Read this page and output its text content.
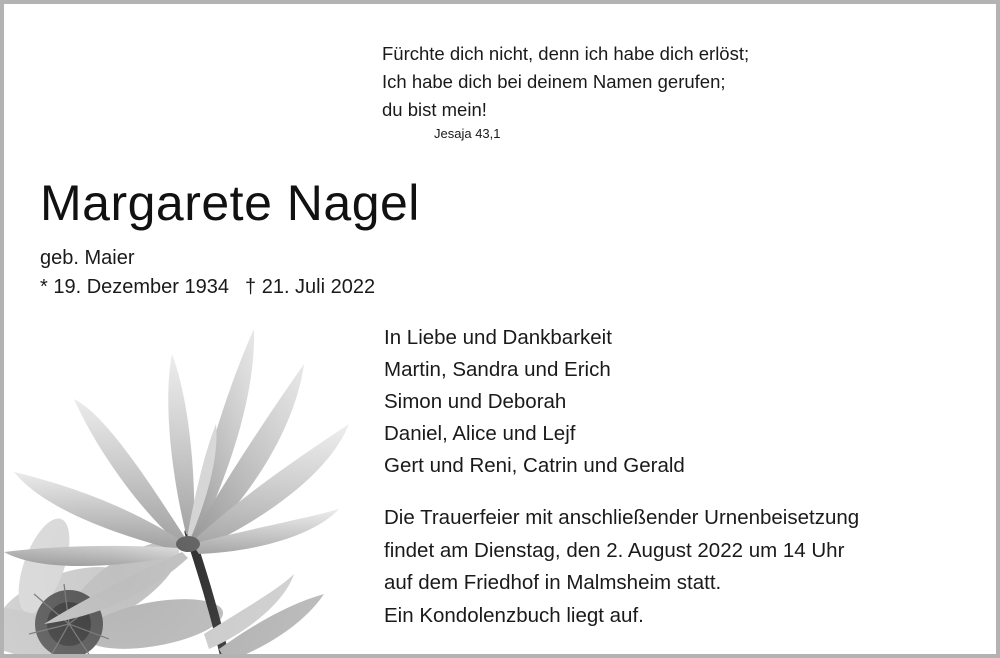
Fürchte dich nicht, denn ich habe dich erlöst;
Ich habe dich bei deinem Namen gerufen;
du bist mein!
Jesaja 43,1
Margarete Nagel
geb. Maier
* 19. Dezember 1934 † 21. Juli 2022
In Liebe und Dankbarkeit
Martin, Sandra und Erich
Simon und Deborah
Daniel, Alice und Lejf
Gert und Reni, Catrin und Gerald
Die Trauerfeier mit anschließender Urnenbeisetzung
findet am Dienstag, den 2. August 2022 um 14 Uhr
auf dem Friedhof in Malmsheim statt.
Ein Kondolenzbuch liegt auf.
